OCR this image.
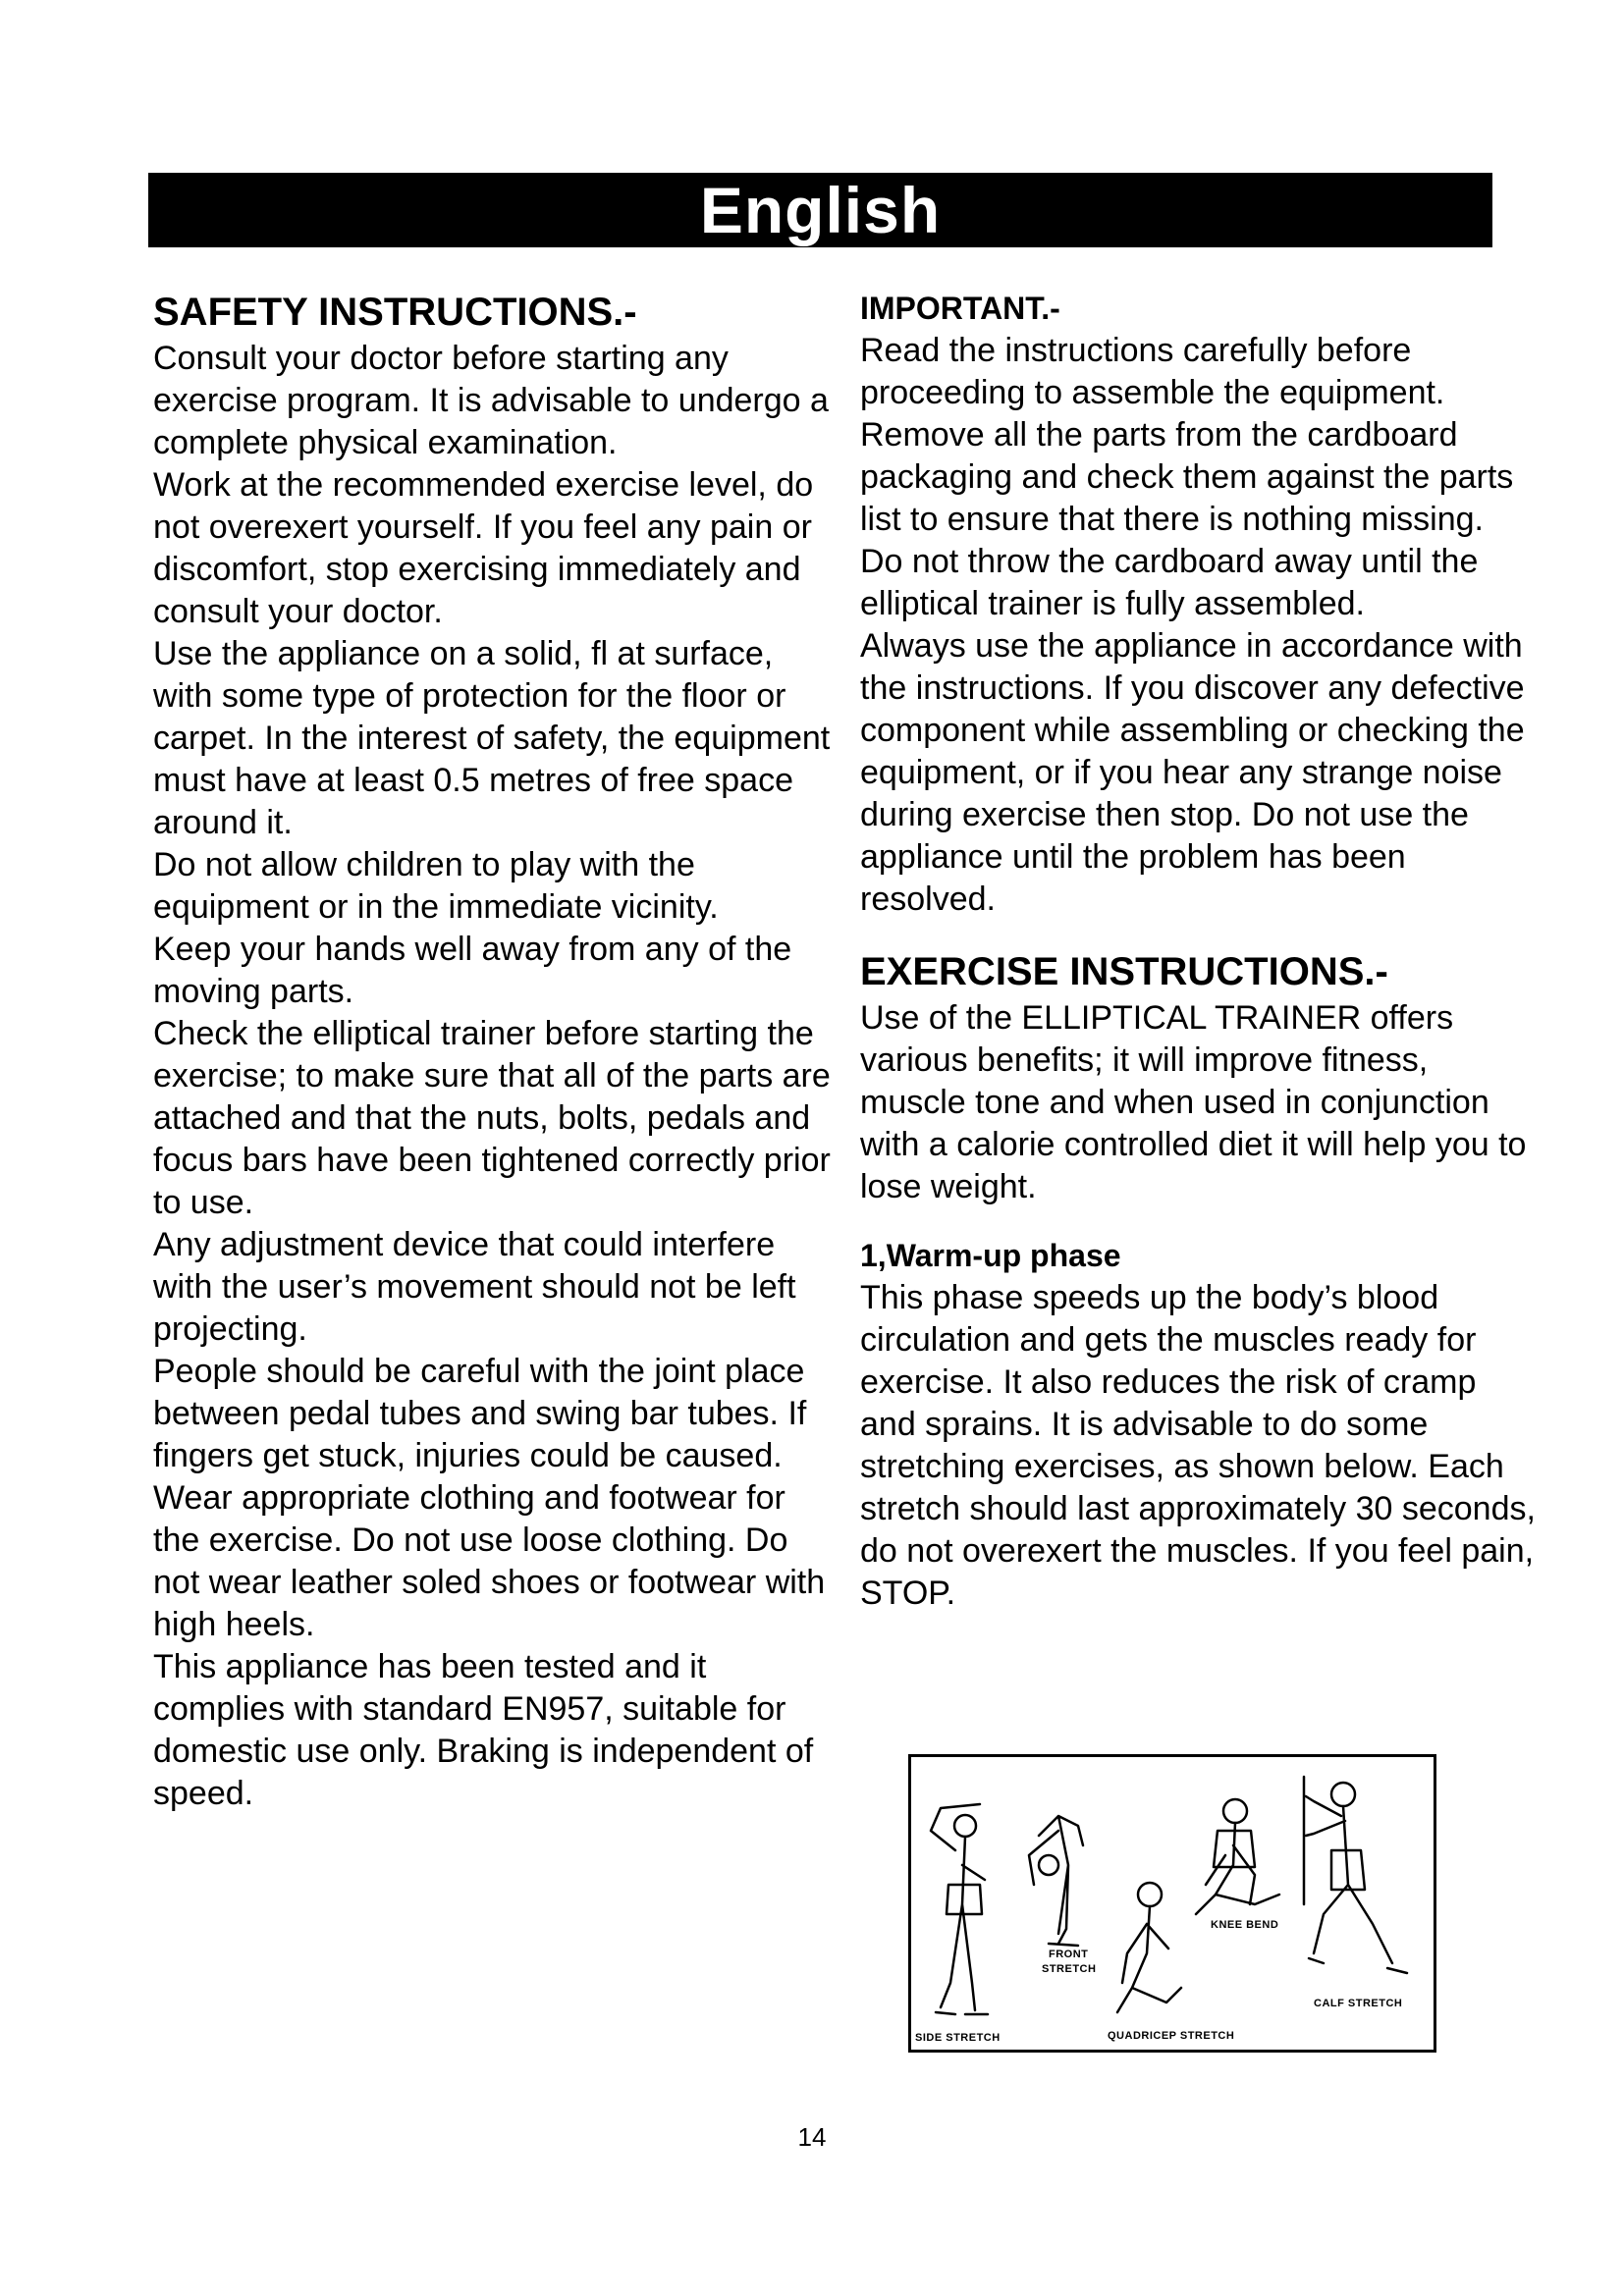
English
SAFETY INSTRUCTIONS.-

Consult your doctor before starting any exercise program. It is advisable to undergo a complete physical examination.

Work at the recommended exercise level, do not overexert yourself. If you feel any pain or discomfort, stop exercising immediately and consult your doctor.

Use the appliance on a solid, fl at surface, with some type of protection for the floor or carpet. In the interest of safety, the equipment must have at least 0.5 metres of free space around it.

Do not allow children to play with the equipment or in the immediate vicinity.

Keep your hands well away from any of the moving parts.

Check the elliptical trainer before starting the exercise; to make sure that all of the parts are attached and that the nuts, bolts, pedals and focus bars have been tightened correctly prior to use.

Any adjustment device that could interfere with the user’s movement should not be left projecting.

People should be careful with the joint place between pedal tubes and swing bar tubes. If fingers get stuck, injuries could be caused.

Wear appropriate clothing and footwear for the exercise. Do not use loose clothing. Do not wear leather soled shoes or footwear with high heels.

This appliance has been tested and it complies with standard EN957, suitable for domestic use only. Braking is independent of speed.

IMPORTANT.-

Read the instructions carefully before proceeding to assemble the equipment.

Remove all the parts from the cardboard packaging and check them against the parts list to ensure that there is nothing missing.

Do not throw the cardboard away until the elliptical trainer is fully assembled.

Always use the appliance in accordance with the instructions. If you discover any defective component while assembling or checking the equipment, or if you hear any strange noise during exercise then stop. Do not use the appliance until the problem has been resolved.

EXERCISE INSTRUCTIONS.-

Use of the ELLIPTICAL TRAINER offers various benefits; it will improve fitness, muscle tone and when used in conjunction with a calorie controlled diet it will help you to lose weight.

1,Warm-up phase

This phase speeds up the body’s blood circulation and gets the muscles ready for exercise. It also reduces the risk of cramp and sprains. It is advisable to do some stretching exercises, as shown below. Each stretch should last approximately 30 seconds, do not overexert the muscles. If you feel pain, STOP.

FRONT
STRETCH
KNEE BEND
CALF STRETCH
SIDE STRETCH	QUADRICEP STRETCH
14
